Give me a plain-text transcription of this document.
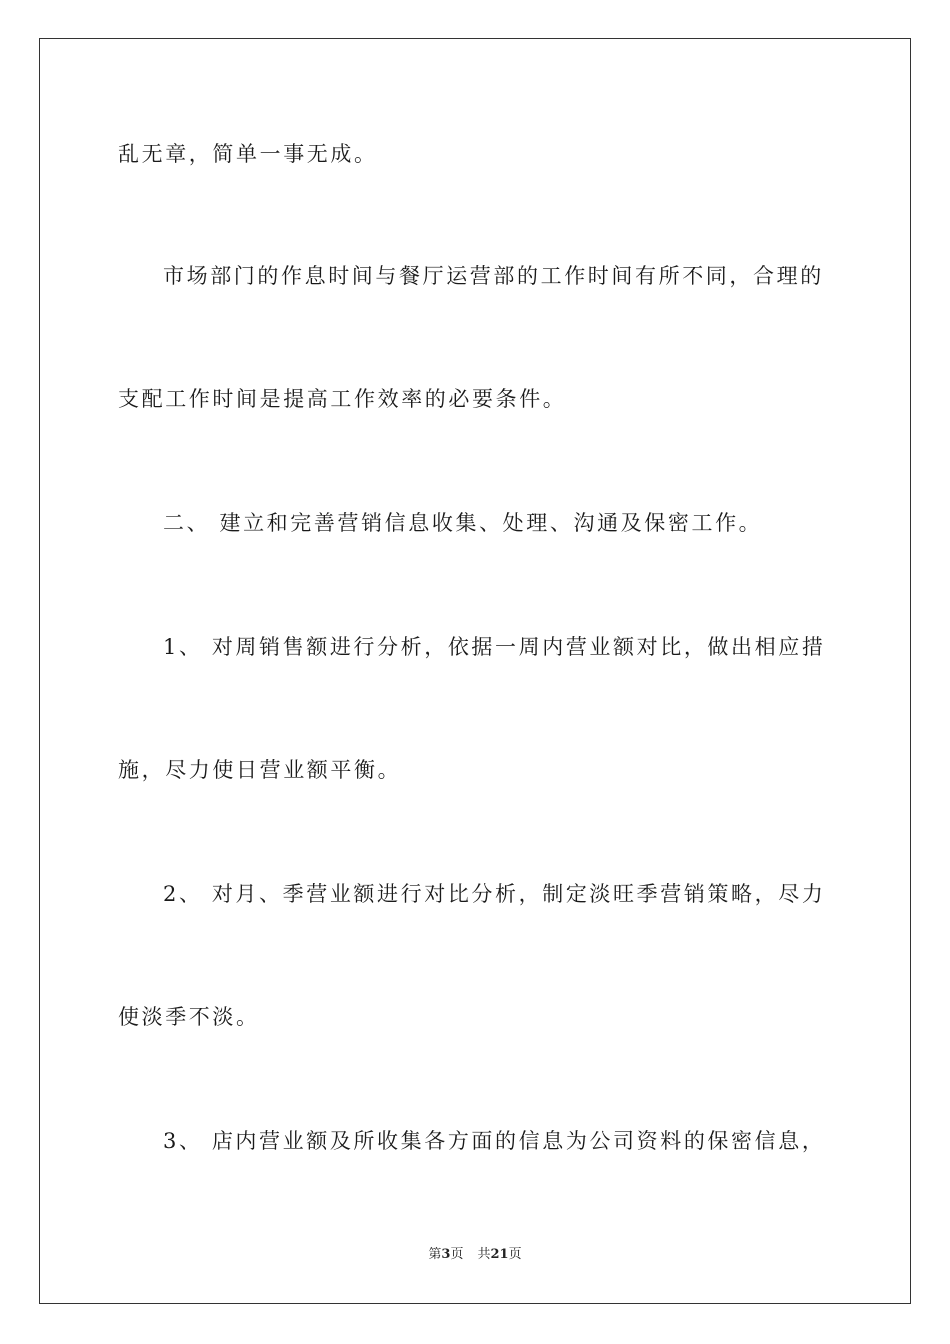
乱无章，简单一事无成。
市场部门的作息时间与餐厅运营部的工作时间有所不同，合理的
支配工作时间是提高工作效率的必要条件。
二、 建立和完善营销信息收集、处理、沟通及保密工作。
1、 对周销售额进行分析，依据一周内营业额对比，做出相应措
施，尽力使日营业额平衡。
2、 对月、季营业额进行对比分析，制定淡旺季营销策略，尽力
使淡季不淡。
3、 店内营业额及所收集各方面的信息为公司资料的保密信息，
第3页 共21页
